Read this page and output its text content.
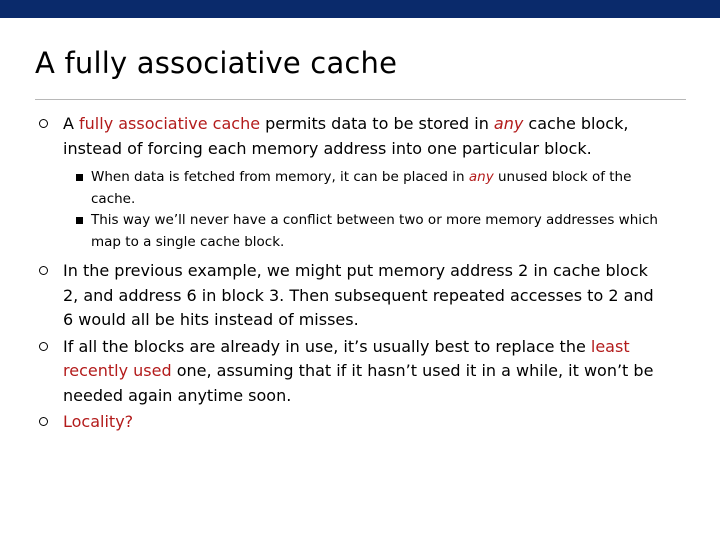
A fully associative cache
A fully associative cache permits data to be stored in any cache block, instead of forcing each memory address into one particular block.
When data is fetched from memory, it can be placed in any unused block of the cache.
This way we’ll never have a conflict between two or more memory addresses which map to a single cache block.
In the previous example, we might put memory address 2 in cache block 2, and address 6 in block 3. Then subsequent repeated accesses to 2 and 6 would all be hits instead of misses.
If all the blocks are already in use, it’s usually best to replace the least recently used one, assuming that if it hasn’t used it in a while, it won’t be needed again anytime soon.
Locality?
